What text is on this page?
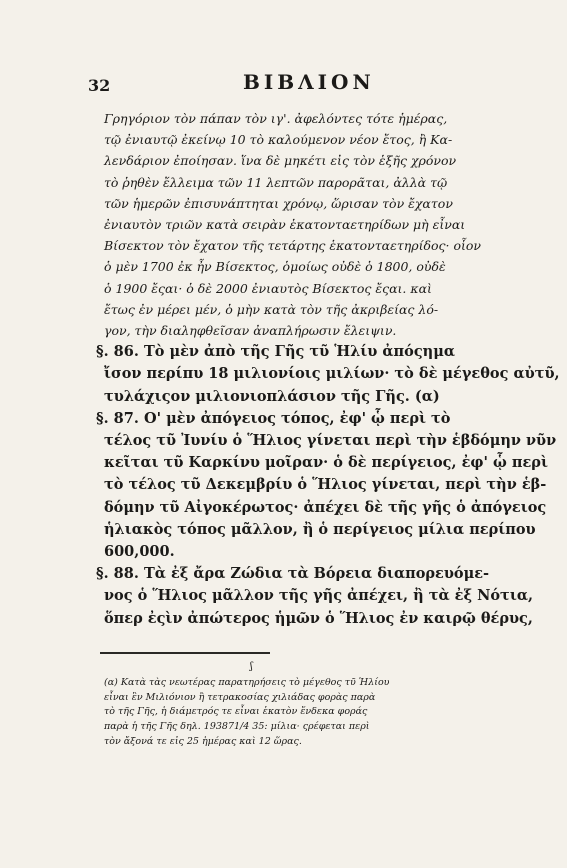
32	ΒΙΒΛΙΟΝ
Γρηγόριον τὸν πάπαν τὸν ιγ'. ἀφελόντες τότε ἡμέρας,
τῷ ἐνιαυτῷ ἐκείνῳ 10 τὸ καλούμενον νέον ἔτος, ἢ Κα-
λενδάριον ἐποίησαν. ἵνα δὲ μηκέτι εἰς τὸν ἑξῆς χρόνον
τὸ ῥηθὲν ἔλλειμα τῶν 11 λεπτῶν παρορᾶται, ἀλλὰ τῷ
τῶν ἡμερῶν ἐπισυνάπτηται χρόνῳ, ὥρισαν τὸν ἔχατον
ἐνιαυτὸν τριῶν κατὰ σειρὰν ἑκατονταετηρίδων μὴ εἶναι
Βίσεκτον τὸν ἔχατον τῆς τετάρτης ἑκατονταετηρίδος· οἷον
ὁ μὲν 1700 ἐκ ἦν Βίσεκτος, ὁμοίως οὐδὲ ὁ 1800, οὐδὲ
ὁ 1900 ἔςαι· ὁ δὲ 2000 ἐνιαυτὸς Βίσεκτος ἔςαι. καὶ
ἔτως ἐν μέρει μέν, ὁ μὴν κατὰ τὸν τῆς ἀκριβείας λό-
γον, τὴν διαληφθεῖσαν ἀναπλήρωσιν ἔλειψιν.
§. 86. Τὸ μὲν ἀπὸ τῆς Γῆς τῦ Ἡλίυ ἀπόςημα
ἴσον περίπυ 18 μιλιονίοις μιλίων· τὸ δὲ μέγεθος αὐτῦ,
τυλάχιςον μιλιονιοπλάσιον τῆς Γῆς. (α)
§. 87. Ο' μὲν ἀπόγειος τόπος, ἐφ' ᾧ περὶ τὸ
τέλος τῦ Ἰυνίυ ὁ Ἥλιος γίνεται περὶ τὴν ἑβδόμην νῦν
κεῖται τῦ Καρκίνυ μοῖραν· ὁ δὲ περίγειος, ἐφ' ᾧ περὶ
τὸ τέλος τῦ Δεκεμβρίυ ὁ Ἥλιος γίνεται, περὶ τὴν ἑβ-
δόμην τῦ Αἰγοκέρωτος· ἀπέχει δὲ τῆς γῆς ὁ ἀπόγειος
ἡλιακὸς τόπος μᾶλλον, ἢ ὁ περίγειος μίλια περίπου
600,000.
§. 88. Τὰ ἐξ ἄρα Ζώδια τὰ Βόρεια διαπορευόμε-
νος ὁ Ἥλιος μᾶλλον τῆς γῆς ἀπέχει, ἢ τὰ ἐξ Νότια,
ὅπερ ἐςὶν ἀπώτερος ἡμῶν ὁ Ἥλιος ἐν καιρῷ θέρυς,
ʃ
(α) Κατὰ τὰς νεωτέρας παρατηρήσεις τὸ μέγεθος τῦ Ἡλίου
εἶναι ἓν Μιλιόνιον ἢ τετρακοσίας χιλιάδας φορὰς παρὰ
τὸ τῆς Γῆς, ἡ διάμετρός τε εἶναι ἑκατὸν ἕνδεκα φοράς
παρὰ ἡ τῆς Γῆς δηλ. 193871/4 35: μίλια· ςρέφεται περὶ
τὸν ἄξονά τε εἰς 25 ἡμέρας καὶ 12 ὥρας.
